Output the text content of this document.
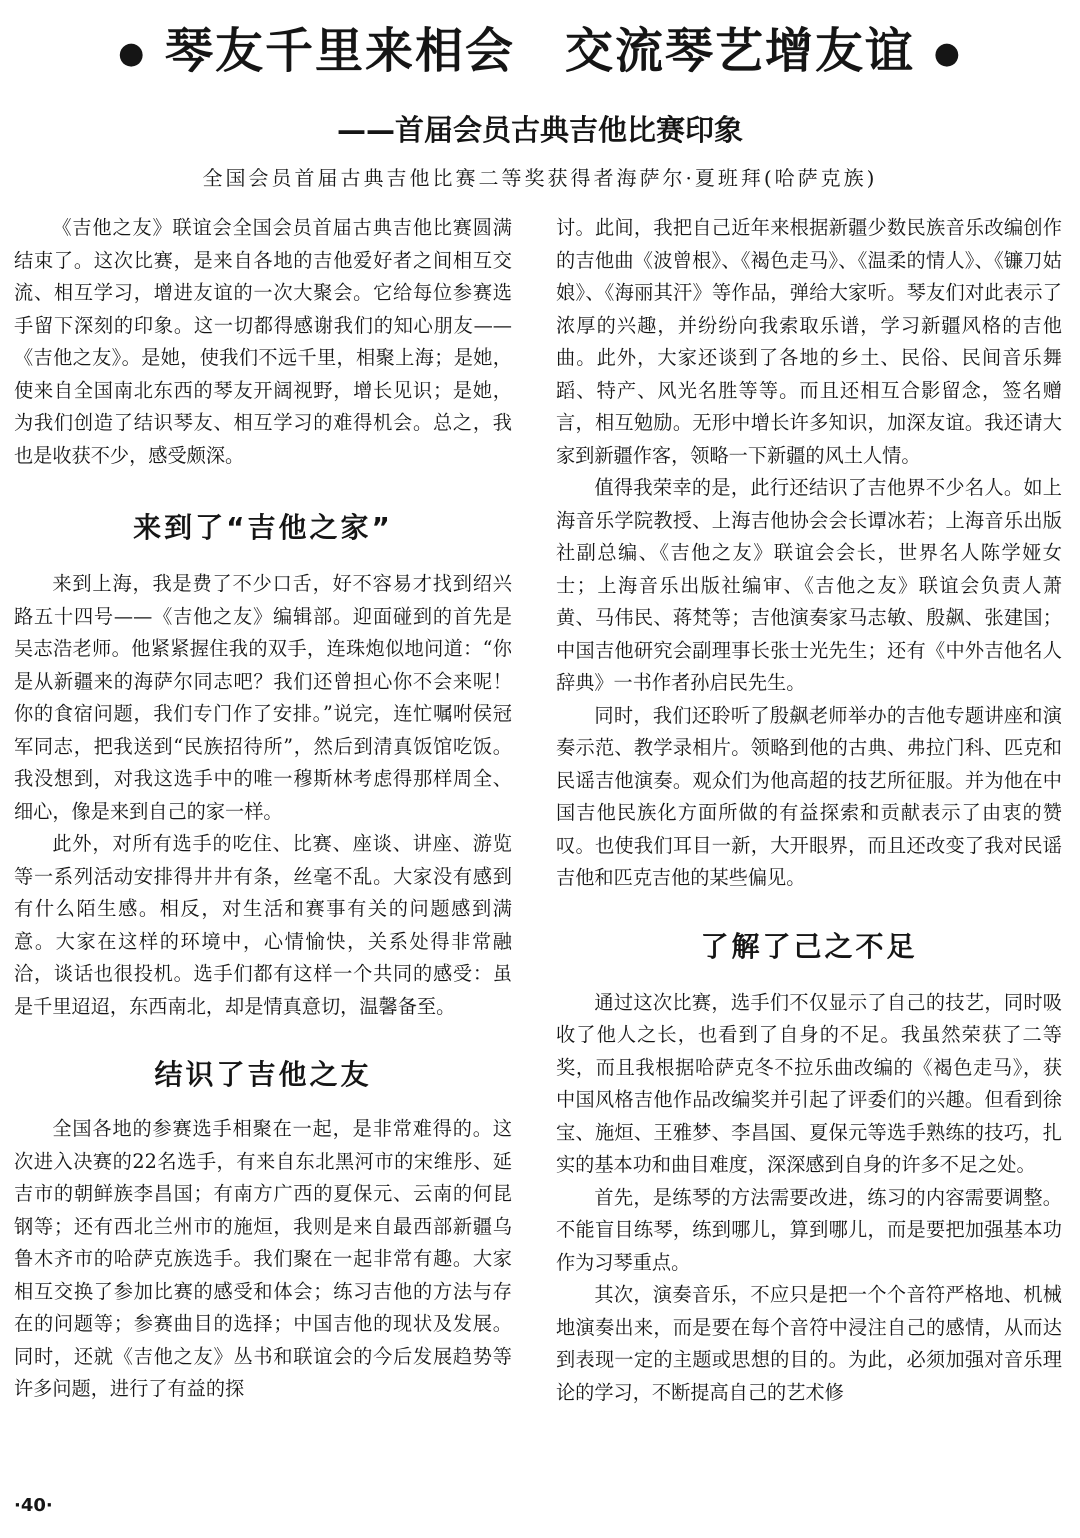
● 琴友千里来相会　交流琴艺增友谊 ●
——首届会员古典吉他比赛印象
全国会员首届古典吉他比赛二等奖获得者海萨尔·夏班拜(哈萨克族)

《吉他之友》联谊会全国会员首届古典吉他比赛圆满结束了。这次比赛，是来自各地的吉他爱好者之间相互交流、相互学习，增进友谊的一次大聚会。它给每位参赛选手留下深刻的印象。这一切都得感谢我们的知心朋友——《吉他之友》。是她，使我们不远千里，相聚上海；是她，使来自全国南北东西的琴友开阔视野，增长见识；是她，为我们创造了结识琴友、相互学习的难得机会。总之，我也是收获不少，感受颇深。

来到了“吉他之家”

来到上海，我是费了不少口舌，好不容易才找到绍兴路五十四号——《吉他之友》编辑部。迎面碰到的首先是吴志浩老师。他紧紧握住我的双手，连珠炮似地问道：“你是从新疆来的海萨尔同志吧？我们还曾担心你不会来呢！你的食宿问题，我们专门作了安排。”说完，连忙嘱咐侯冠军同志，把我送到“民族招待所”，然后到清真饭馆吃饭。我没想到，对我这选手中的唯一穆斯林考虑得那样周全、细心，像是来到自己的家一样。

此外，对所有选手的吃住、比赛、座谈、讲座、游览等一系列活动安排得井井有条，丝毫不乱。大家没有感到有什么陌生感。相反，对生活和赛事有关的问题感到满意。大家在这样的环境中，心情愉快，关系处得非常融洽，谈话也很投机。选手们都有这样一个共同的感受：虽是千里迢迢，东西南北，却是情真意切，温馨备至。

结识了吉他之友

全国各地的参赛选手相聚在一起，是非常难得的。这次进入决赛的22名选手，有来自东北黑河市的宋维彤、延吉市的朝鲜族李昌国；有南方广西的夏保元、云南的何昆钢等；还有西北兰州市的施烜，我则是来自最西部新疆乌鲁木齐市的哈萨克族选手。我们聚在一起非常有趣。大家相互交换了参加比赛的感受和体会；练习吉他的方法与存在的问题等；参赛曲目的选择；中国吉他的现状及发展。同时，还就《吉他之友》丛书和联谊会的今后发展趋势等许多问题，进行了有益的探

讨。此间，我把自己近年来根据新疆少数民族音乐改编创作的吉他曲《波曾根》、《褐色走马》、《温柔的情人》、《镰刀姑娘》、《海丽其汗》等作品，弹给大家听。琴友们对此表示了浓厚的兴趣，并纷纷向我索取乐谱，学习新疆风格的吉他曲。此外，大家还谈到了各地的乡土、民俗、民间音乐舞蹈、特产、风光名胜等等。而且还相互合影留念，签名赠言，相互勉励。无形中增长许多知识，加深友谊。我还请大家到新疆作客，领略一下新疆的风土人情。

值得我荣幸的是，此行还结识了吉他界不少名人。如上海音乐学院教授、上海吉他协会会长谭冰若；上海音乐出版社副总编、《吉他之友》联谊会会长，世界名人陈学娅女士；上海音乐出版社编审、《吉他之友》联谊会负责人萧黄、马伟民、蒋梵等；吉他演奏家马志敏、殷飙、张建国；中国吉他研究会副理事长张士光先生；还有《中外吉他名人辞典》一书作者孙启民先生。

同时，我们还聆听了殷飙老师举办的吉他专题讲座和演奏示范、教学录相片。领略到他的古典、弗拉门科、匹克和民谣吉他演奏。观众们为他高超的技艺所征服。并为他在中国吉他民族化方面所做的有益探索和贡献表示了由衷的赞叹。也使我们耳目一新，大开眼界，而且还改变了我对民谣吉他和匹克吉他的某些偏见。

了解了己之不足

通过这次比赛，选手们不仅显示了自己的技艺，同时吸收了他人之长，也看到了自身的不足。我虽然荣获了二等奖，而且我根据哈萨克冬不拉乐曲改编的《褐色走马》，获中国风格吉他作品改编奖并引起了评委们的兴趣。但看到徐宝、施烜、王雅梦、李昌国、夏保元等选手熟练的技巧，扎实的基本功和曲目难度，深深感到自身的许多不足之处。

首先，是练琴的方法需要改进，练习的内容需要调整。不能盲目练琴，练到哪儿，算到哪儿，而是要把加强基本功作为习琴重点。

其次，演奏音乐，不应只是把一个个音符严格地、机械地演奏出来，而是要在每个音符中浸注自己的感情，从而达到表现一定的主题或思想的目的。为此，必须加强对音乐理论的学习，不断提高自己的艺术修

·40·
